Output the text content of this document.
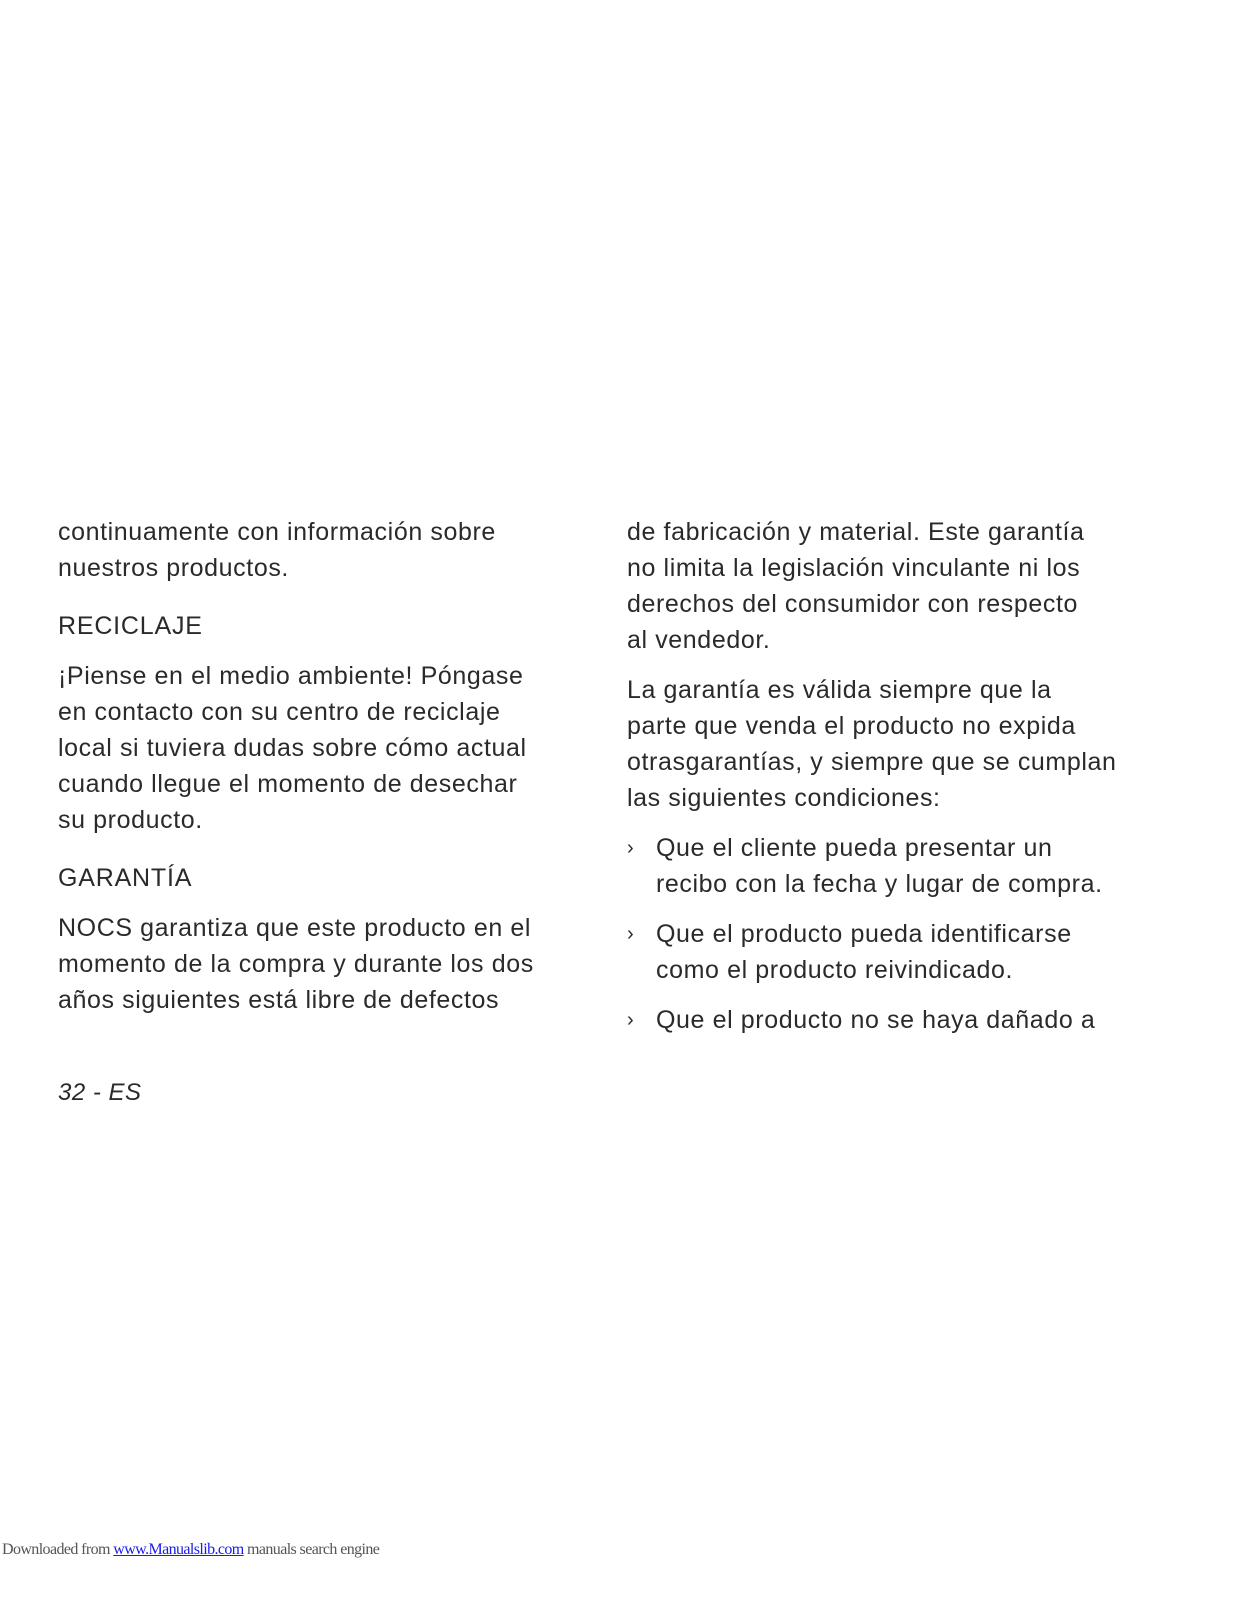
continuamente con información sobre
nuestros productos.
RECICLAJE
¡Piense en el medio ambiente! Póngase
en contacto con su centro de reciclaje
local si tuviera dudas sobre cómo actual
cuando llegue el momento de desechar
su producto.
GARANTÍA
NOCS garantiza que este producto en el
momento de la compra y durante los dos
años siguientes está libre de defectos
de fabricación y material. Este garantía
no limita la legislación vinculante ni los
derechos del consumidor con respecto
al vendedor.
La garantía es válida siempre que la
parte que venda el producto no expida
otrasgarantías, y siempre que se cumplan
las siguientes condiciones:
› Que el cliente pueda presentar un
recibo con la fecha y lugar de compra.
› Que el producto pueda identificarse
como el producto reivindicado.
› Que el producto no se haya dañado a
32 - ES
Downloaded from www.Manualslib.com manuals search engine
